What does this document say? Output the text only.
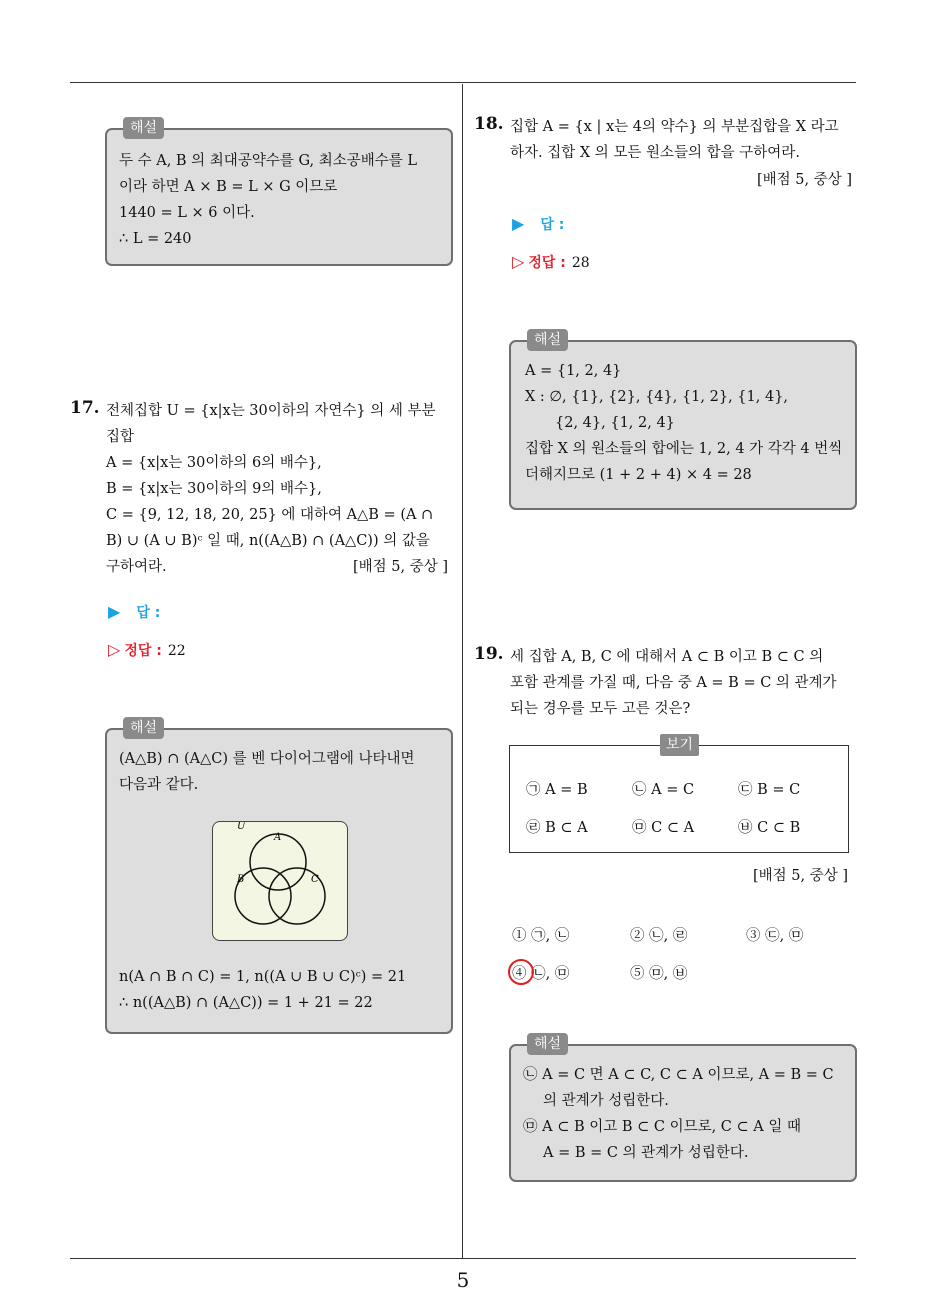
5
해설
두 수 A, B 의 최대공약수를 G, 최소공배수를 L
이라 하면 A × B = L × G 이므로
1440 = L × 6 이다.
∴ L = 240
17. 전체집합 U = {x|x는 30이하의 자연수} 의 세 부분
집합
A = {x|x는 30이하의 6의 배수},
B = {x|x는 30이하의 9의 배수},
C = {9, 12, 18, 20, 25} 에 대하여 A△B = (A ∩
B) ∪ (A ∪ B)ᶜ 일 때, n((A△B) ∩ (A△C)) 의 값을
구하여라.	[배점 5, 중상 ]
▶ 답 :
▷ 정답 : 22
해설
(A△B) ∩ (A△C) 를 벤 다이어그램에 나타내면
다음과 같다.
n(A ∩ B ∩ C) = 1, n((A ∪ B ∪ C)ᶜ) = 21
∴ n((A△B) ∩ (A△C)) = 1 + 21 = 22
U
A
B	C
18. 집합 A = {x | x는 4의 약수} 의 부분집합을 X 라고
하자. 집합 X 의 모든 원소들의 합을 구하여라.
[배점 5, 중상 ]
▶ 답 :
▷ 정답 : 28
해설
A = {1, 2, 4}
X : ∅, {1}, {2}, {4}, {1, 2}, {1, 4},
{2, 4}, {1, 2, 4}
집합 X 의 원소들의 합에는 1, 2, 4 가 각각 4 번씩
더해지므로 (1 + 2 + 4) × 4 = 28
19. 세 집합 A, B, C 에 대해서 A ⊂ B 이고 B ⊂ C 의
포함 관계를 가질 때, 다음 중 A = B = C 의 관계가
되는 경우를 모두 고른 것은?
보기
㉠ A = B	㉡ A = C	㉢ B = C
㉣ B ⊂ A	㉤ C ⊂ A	㉥ C ⊂ B
[배점 5, 중상 ]
① ㉠, ㉡	② ㉡, ㉣	③ ㉢, ㉤
④ ㉡, ㉤	⑤ ㉤, ㉥
해설
㉡ A = C 면 A ⊂ C, C ⊂ A 이므로, A = B = C
의 관계가 성립한다.
㉤ A ⊂ B 이고 B ⊂ C 이므로, C ⊂ A 일 때
A = B = C 의 관계가 성립한다.
